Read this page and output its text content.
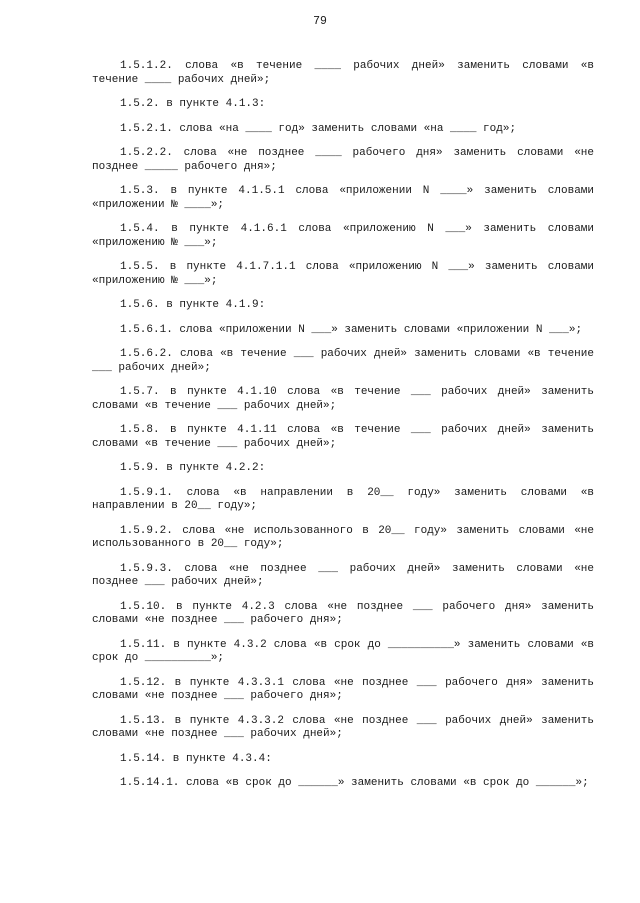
79

1.5.1.2. слова «в течение ____ рабочих дней» заменить словами «в течение ____ рабочих дней»;

1.5.2. в пункте 4.1.3:

1.5.2.1. слова «на ____ год» заменить словами «на ____ год»;

1.5.2.2. слова «не позднее ____ рабочего дня» заменить словами «не позднее _____ рабочего дня»;

1.5.3. в пункте 4.1.5.1 слова «приложении N ____» заменить словами «приложении № ____»;

1.5.4. в пункте 4.1.6.1 слова «приложению N ___» заменить словами «приложению № ___»;

1.5.5. в пункте 4.1.7.1.1 слова «приложению N ___» заменить словами «приложению № ___»;

1.5.6. в пункте 4.1.9:

1.5.6.1. слова «приложении N ___» заменить словами «приложении N ___»;

1.5.6.2. слова «в течение ___ рабочих дней» заменить словами «в течение ___ рабочих дней»;

1.5.7. в пункте 4.1.10 слова «в течение ___ рабочих дней» заменить словами «в течение ___ рабочих дней»;

1.5.8. в пункте 4.1.11 слова «в течение ___ рабочих дней» заменить словами «в течение ___ рабочих дней»;

1.5.9. в пункте 4.2.2:

1.5.9.1. слова «в направлении в 20__ году» заменить словами «в направлении в 20__ году»;

1.5.9.2. слова «не использованного в 20__ году» заменить словами «не использованного в 20__ году»;

1.5.9.3. слова «не позднее ___ рабочих дней» заменить словами «не позднее ___ рабочих дней»;

1.5.10. в пункте 4.2.3 слова «не позднее ___ рабочего дня» заменить словами «не позднее ___ рабочего дня»;

1.5.11. в пункте 4.3.2 слова «в срок до __________» заменить словами «в срок до __________»;

1.5.12. в пункте 4.3.3.1 слова «не позднее ___ рабочего дня» заменить словами «не позднее ___ рабочего дня»;

1.5.13. в пункте 4.3.3.2 слова «не позднее ___ рабочих дней» заменить словами «не позднее ___ рабочих дней»;

1.5.14. в пункте 4.3.4:

1.5.14.1. слова «в срок до ______» заменить словами «в срок до ______»;
